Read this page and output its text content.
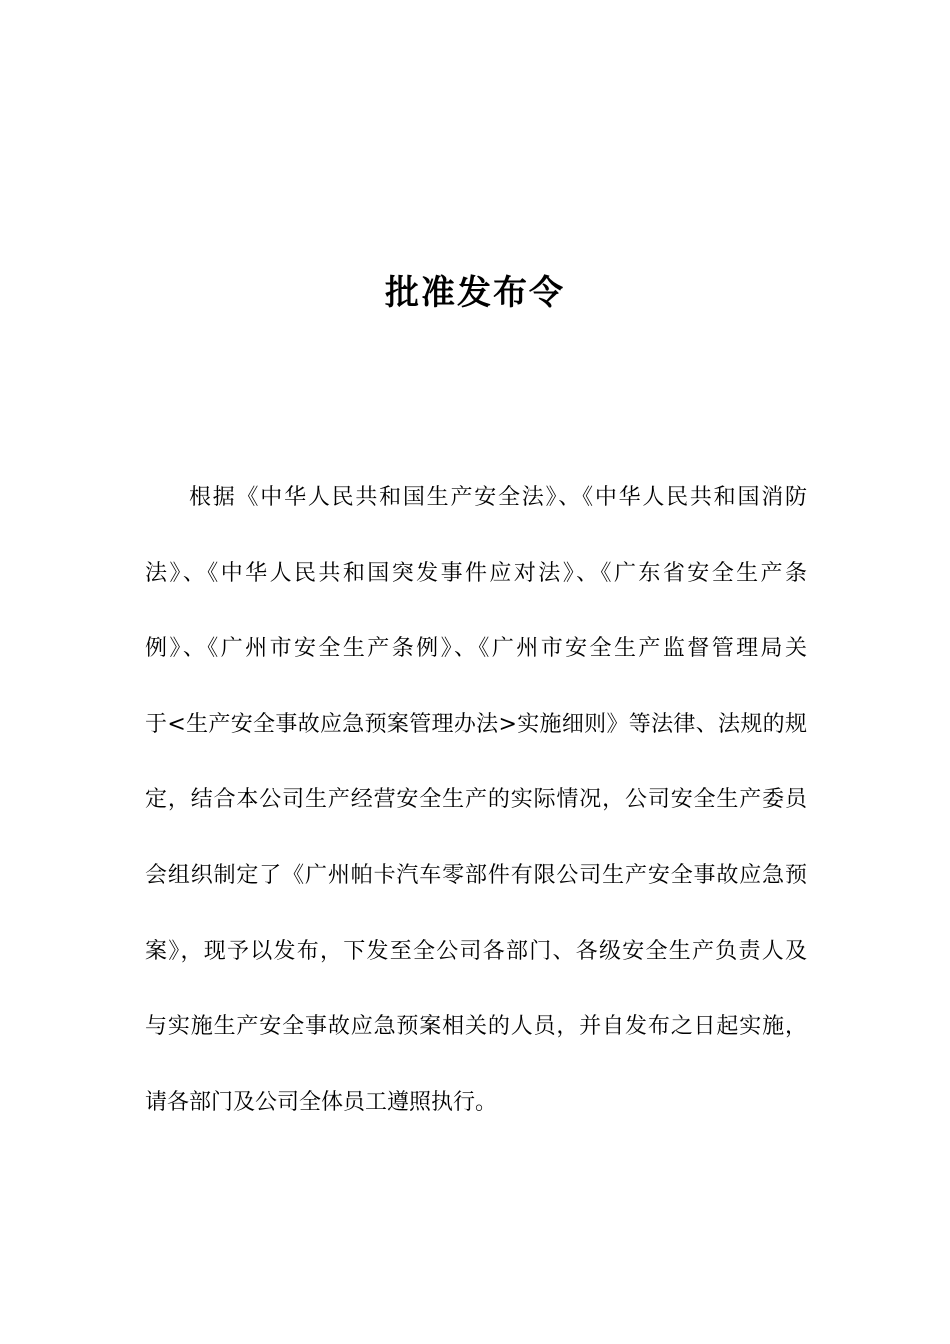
批准发布令
根据《中华人民共和国生产安全法》、《中华人民共和国消防
法》、《中华人民共和国突发事件应对法》、《广东省安全生产条
例》、《广州市安全生产条例》、《广州市安全生产监督管理局关
于<生产安全事故应急预案管理办法>实施细则》等法律、法规的规
定，结合本公司生产经营安全生产的实际情况，公司安全生产委员
会组织制定了《广州帕卡汽车零部件有限公司生产安全事故应急预
案》，现予以发布，下发至全公司各部门、各级安全生产负责人及
与实施生产安全事故应急预案相关的人员，并自发布之日起实施，
请各部门及公司全体员工遵照执行。
